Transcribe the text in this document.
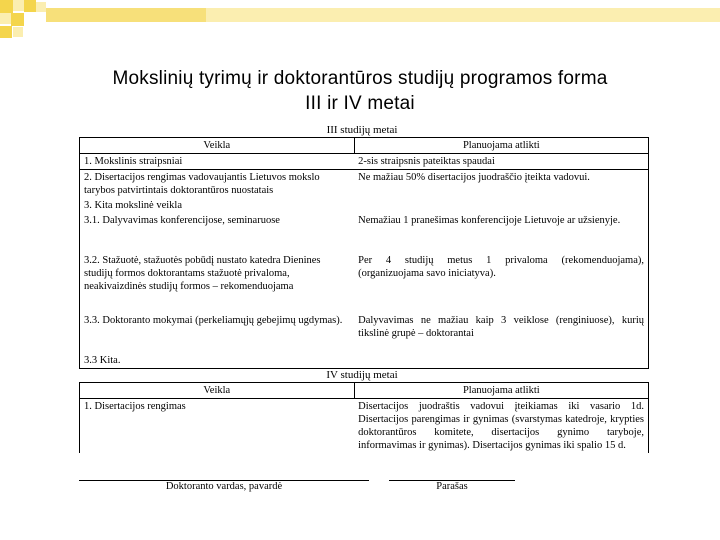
Mokslinių tyrimų ir doktorantūros studijų programos forma
III ir IV metai
III studijų metai
Veikla	Planuojama atlikti
1. Mokslinis straipsniai	2-sis straipsnis pateiktas spaudai
2. Disertacijos rengimas vadovaujantis Lietuvos mokslo tarybos patvirtintais doktorantūros nuostatais	Ne mažiau 50% disertacijos juodraščio įteikta vadovui.
3. Kita mokslinė veikla	
3.1. Dalyvavimas konferencijose, seminaruose	Nemažiau 1 pranešimas konferencijoje Lietuvoje ar užsienyje.
3.2. Stažuotė, stažuotės pobūdį nustato katedra Dienines studijų formos doktorantams stažuotė privaloma, neakivaizdinės studijų formos – rekomenduojama	Per 4 studijų metus 1 privaloma (rekomenduojama), (organizuojama savo iniciatyva).
3.3. Doktoranto mokymai (perkeliamųjų gebejimų ugdymas).	Dalyvavimas ne mažiau kaip 3 veiklose (renginiuose), kurių tikslinė grupė – doktorantai
3.3 Kita.	
IV studijų metai
Veikla	Planuojama atlikti
1. Disertacijos rengimas	Disertacijos juodraštis vadovui įteikiamas iki vasario 1d. Disertacijos parengimas ir gynimas (svarstymas katedroje, krypties doktorantūros komitete, disertacijos gynimo taryboje, informavimas ir gynimas). Disertacijos gynimas iki spalio 15 d.
Doktoranto vardas, pavardė	Parašas
